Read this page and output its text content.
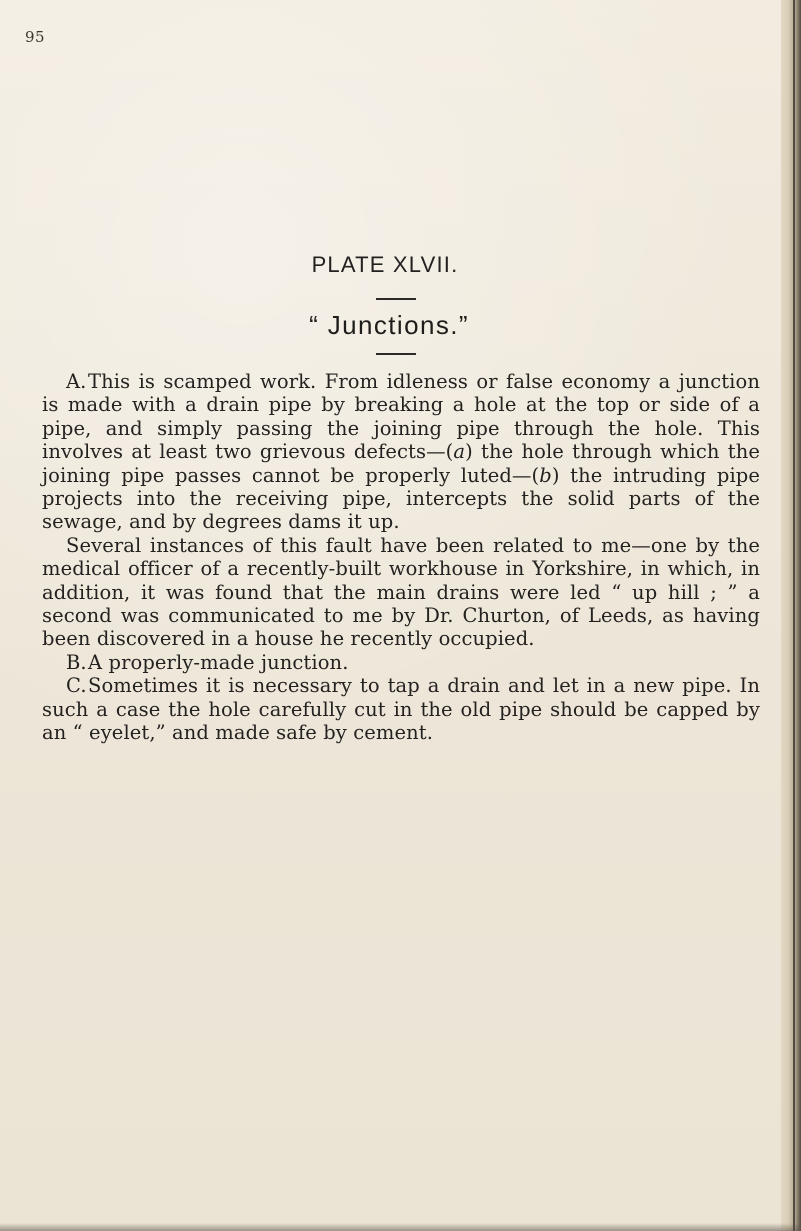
95
PLATE XLVII.
“ Junctions.”

A.This is scamped work. From idleness or false economy a junction is made with a drain pipe by breaking a hole at the top or side of a pipe, and simply passing the joining pipe through the hole. This involves at least two grievous defects—(a) the hole through which the joining pipe passes cannot be properly luted—(b) the intruding pipe projects into the receiving pipe, intercepts the solid parts of the sewage, and by degrees dams it up.

Several instances of this fault have been related to me—one by the medical officer of a recently-built workhouse in Yorkshire, in which, in addition, it was found that the main drains were led “ up hill ; ” a second was communicated to me by Dr. Churton, of Leeds, as having been discovered in a house he recently occupied.

B.A properly-made junction.

C.Sometimes it is necessary to tap a drain and let in a new pipe. In such a case the hole carefully cut in the old pipe should be capped by an “ eyelet,” and made safe by cement.
